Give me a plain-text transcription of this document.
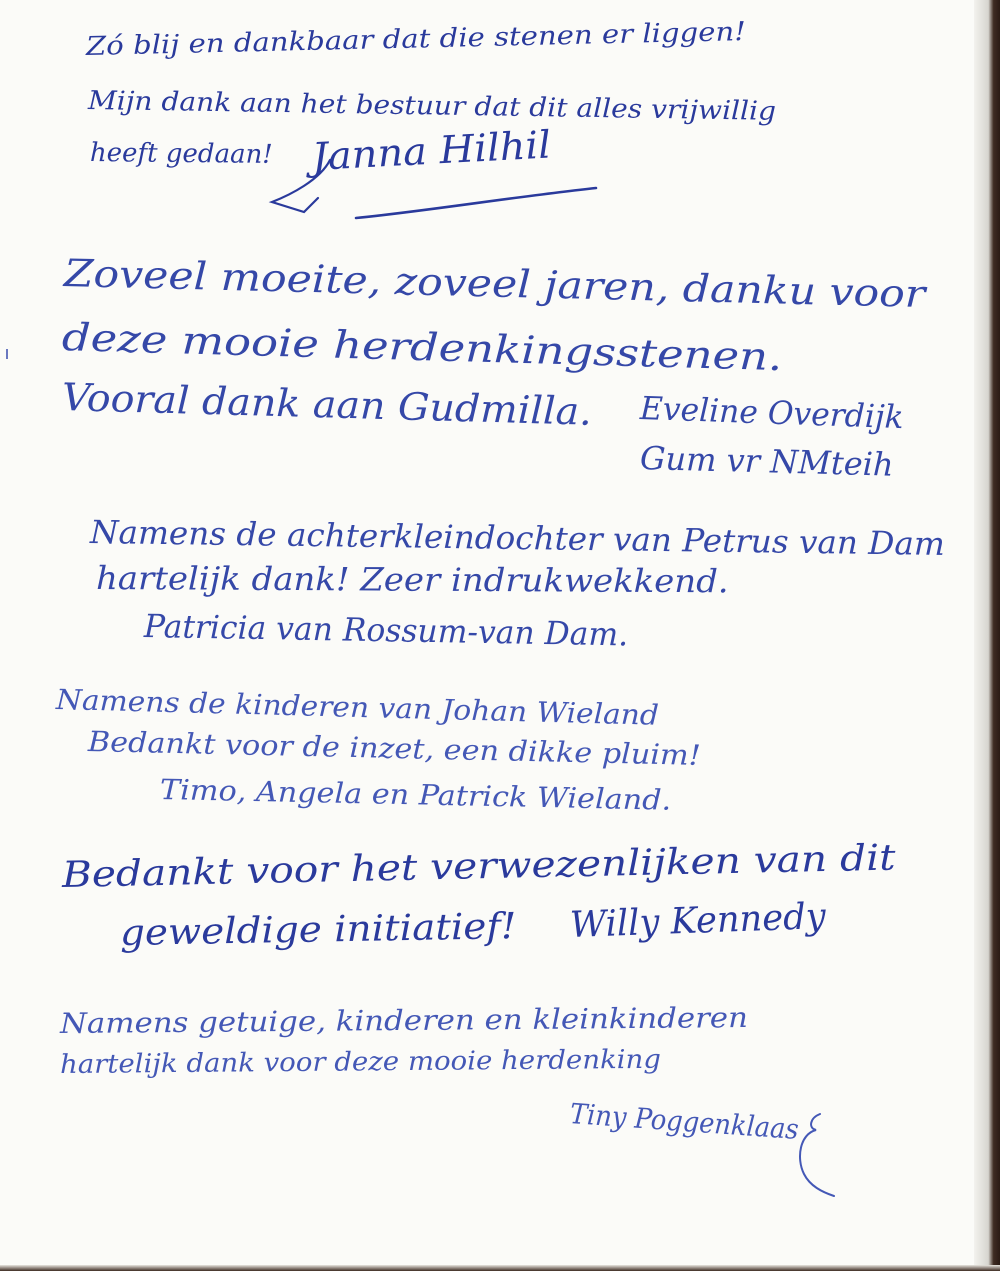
Zó blij en dankbaar dat die stenen er liggen!
Mijn dank aan het bestuur dat dit alles vrijwillig
heeft gedaan! Janna Hilhil
Zoveel moeite, zoveel jaren, danku voor
deze mooie herdenkingsstenen.
Vooral dank aan Gudmilla. Eveline Overdijk
Gum vr NMteih
Namens de achterkleindochter van Petrus van Dam
hartelijk dank! Zeer indrukwekkend.
Patricia van Rossum-van Dam.
Namens de kinderen van Johan Wieland
Bedankt voor de inzet, een dikke pluim!
Timo, Angela en Patrick Wieland.
Bedankt voor het verwezenlijken van dit
geweldige initiatief! Willy Kennedy
Namens getuige, kinderen en kleinkinderen
hartelijk dank voor deze mooie herdenking
Tiny Poggenklaas
